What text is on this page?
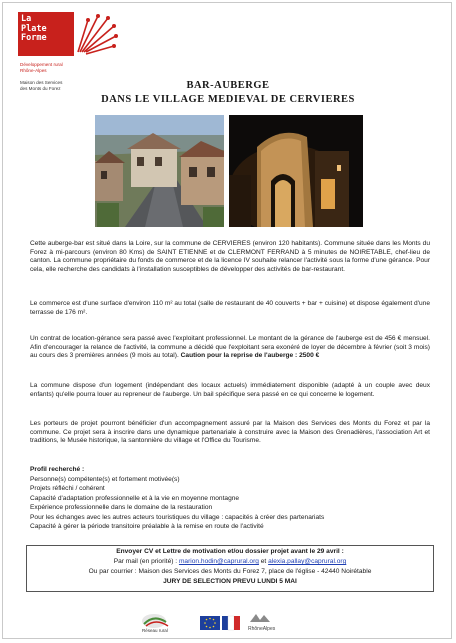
La
Plate
Forme
Développement rural
Rhône-Alpes
Maison des Services
des Monts du Forez	BAR-AUBERGE
DANS LE VILLAGE MEDIEVAL DE CERVIERES
Cette auberge-bar est situé dans la Loire, sur la commune de CERVIERES (environ 120 habitants). Commune située dans les Monts du Forez à mi-parcours (environ 80 Kms) de SAINT ETIENNE et de CLERMONT FERRAND à 5 minutes de NOIRETABLE, chef-lieu de canton. La commune propriétaire du fonds de commerce et de la licence IV souhaite relancer l'activité sous la forme d'une gérance. Pour cela, elle recherche des candidats à l'installation susceptibles de développer des activités de bar-restaurant.
Le commerce est d'une surface d'environ 110 m² au total (salle de restaurant de 40 couverts + bar + cuisine) et dispose également d'une terrasse de 176 m².
Un contrat de location-gérance sera passé avec l'exploitant professionnel. Le montant de la gérance de l'auberge est de 456 € mensuel. Afin d'encourager la relance de l'activité, la commune a décidé que l'exploitant sera exonéré de loyer de décembre à février (soit 3 mois) au cours des 3 premières années (9 mois au total). Caution pour la reprise de l'auberge : 2500 €
La commune dispose d'un logement (indépendant des locaux actuels) immédiatement disponible (adapté à un couple avec deux enfants) qu'elle pourra louer au repreneur de l'auberge. Un bail spécifique sera passé en ce qui concerne le logement.
Les porteurs de projet pourront bénéficier d'un accompagnement assuré par la Maison des Services des Monts du Forez et par la commune. Ce projet sera à inscrire dans une dynamique partenariale à construire avec la Maison des Grenadières, l'association Art et traditions, le Musée historique, la santonnière du village et l'Office du Tourisme.
Profil recherché :
Personne(s) compétente(s) et fortement motivée(s)
Projets réfléchi / cohérent
Capacité d'adaptation professionnelle et à la vie en moyenne montagne
Expérience professionnelle dans le domaine de la restauration
Pour les échanges avec les autres acteurs touristiques du village : capacités à créer des partenariats
Capacité à gérer la période transitoire préalable à la remise en route de l'activité
Envoyer CV et Lettre de motivation et/ou dossier projet avant le 29 avril :
Par mail (en priorité) : marion.hodin@caprural.org et alexia.pallay@caprural.org
Ou par courrier : Maison des Services des Monts du Forez 7, place de l'église - 42440 Noirétable
JURY DE SELECTION PREVU LUNDI 5 MAI
Réseau rural	RhôneAlpes
